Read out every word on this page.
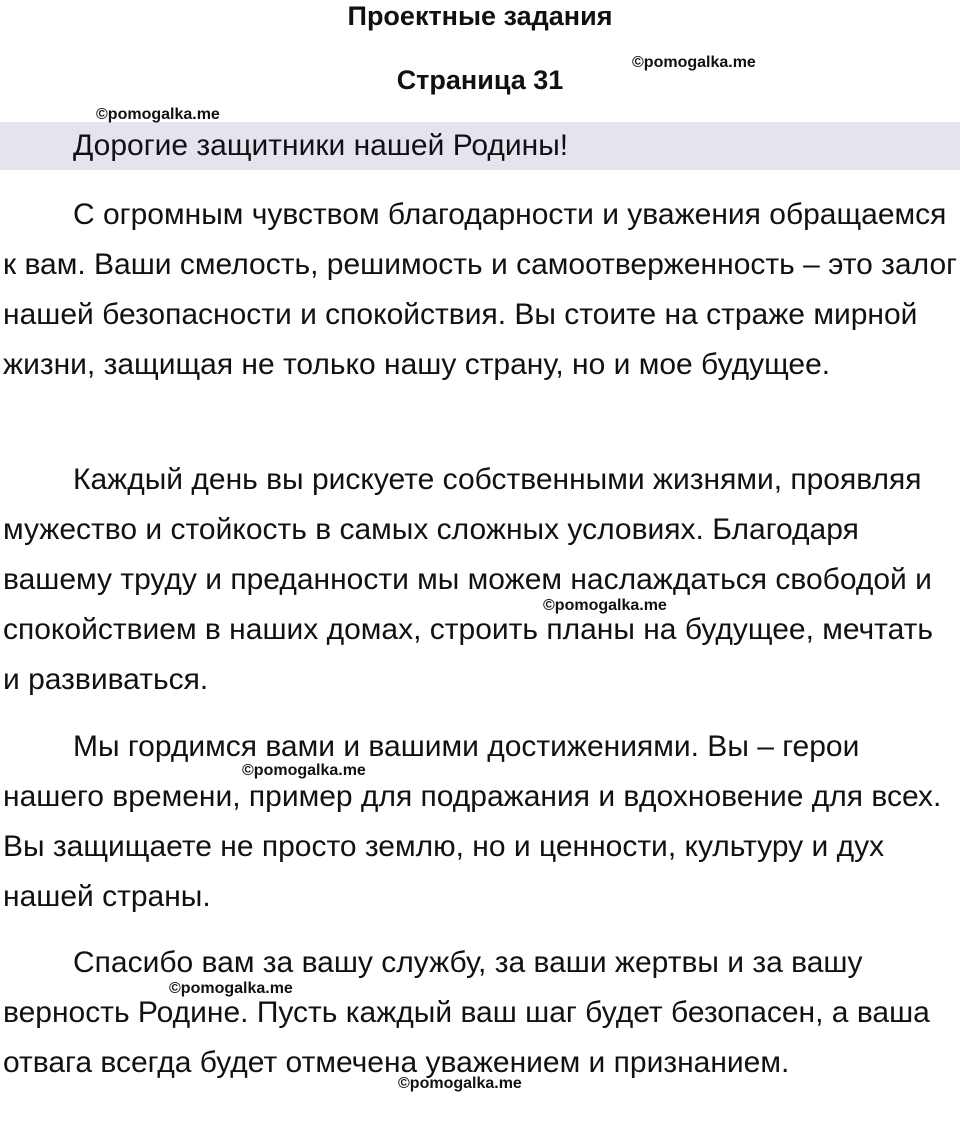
Проектные задания
Страница 31

Дорогие защитники нашей Родины!

С огромным чувством благодарности и уважения обращаемся к вам. Ваши смелость, решимость и самоотверженность – это залог нашей безопасности и спокойствия. Вы стоите на страже мирной жизни, защищая не только нашу страну, но и мое будущее.

Каждый день вы рискуете собственными жизнями, проявляя мужество и стойкость в самых сложных условиях. Благодаря вашему труду и преданности мы можем наслаждаться свободой и спокойствием в наших домах, строить планы на будущее, мечтать и развиваться.

Мы гордимся вами и вашими достижениями. Вы – герои нашего времени, пример для подражания и вдохновение для всех. Вы защищаете не просто землю, но и ценности, культуру и дух нашей страны.

Спасибо вам за вашу службу, за ваши жертвы и за вашу верность Родине. Пусть каждый ваш шаг будет безопасен, а ваша отвага всегда будет отмечена уважением и признанием.

©pomogalka.me
©pomogalka.me
©pomogalka.me
©pomogalka.me
©pomogalka.me
©pomogalka.me
